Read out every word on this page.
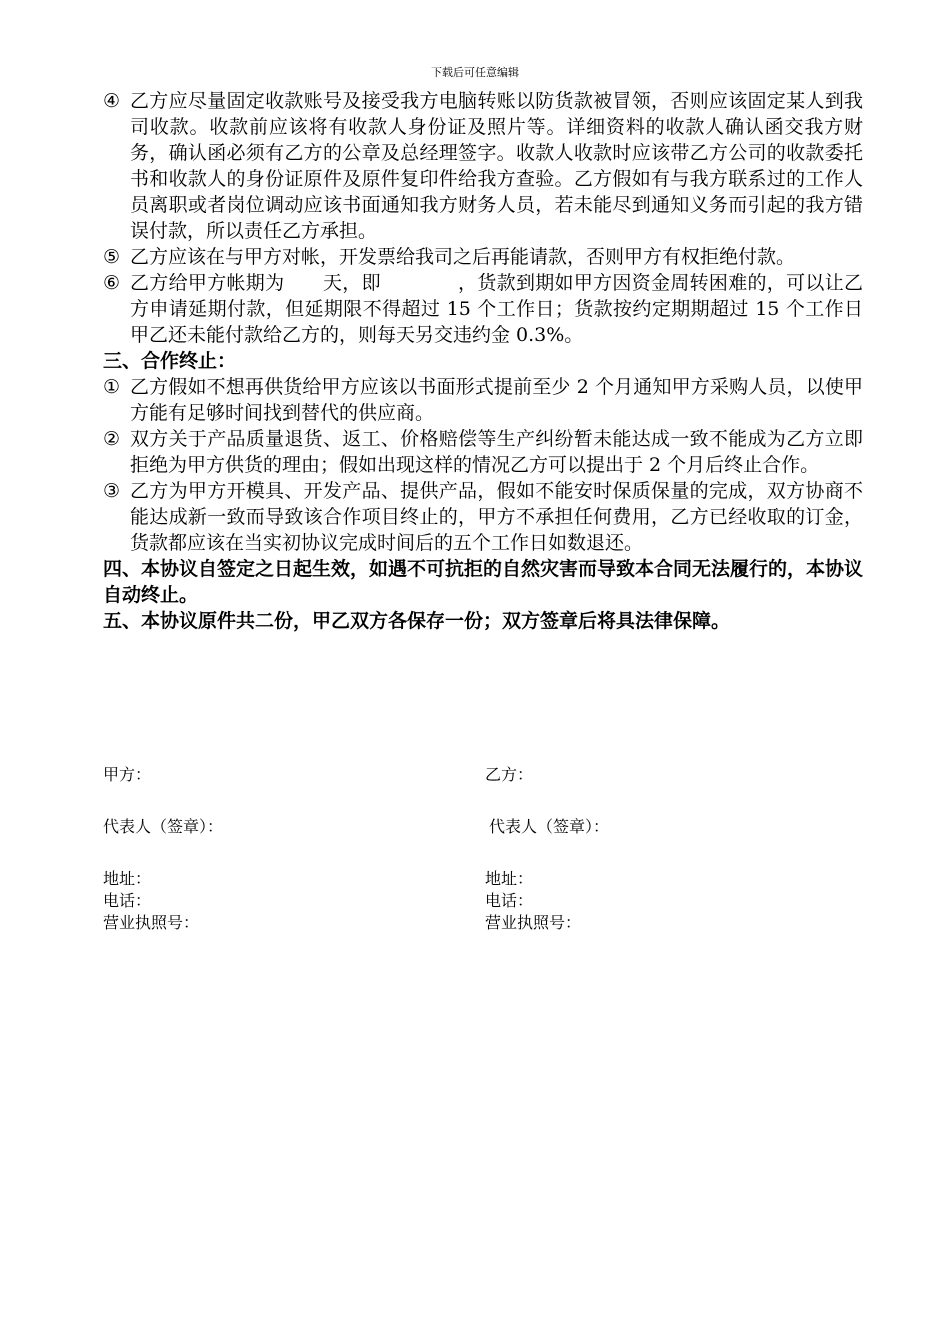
下载后可任意编辑
④ 乙方应尽量固定收款账号及接受我方电脑转账以防货款被冒领，否则应该固定某人到我司收款。收款前应该将有收款人身份证及照片等。详细资料的收款人确认函交我方财务，确认函必须有乙方的公章及总经理签字。收款人收款时应该带乙方公司的收款委托书和收款人的身份证原件及原件复印件给我方查验。乙方假如有与我方联系过的工作人员离职或者岗位调动应该书面通知我方财务人员，若未能尽到通知义务而引起的我方错误付款，所以责任乙方承担。
⑤ 乙方应该在与甲方对帐，开发票给我司之后再能请款，否则甲方有权拒绝付款。
⑥ 乙方给甲方帐期为　　天，即　　　　，货款到期如甲方因资金周转困难的，可以让乙方申请延期付款，但延期限不得超过 15 个工作日；货款按约定期期超过 15 个工作日甲乙还未能付款给乙方的，则每天另交违约金 0.3%。
三、合作终止：
① 乙方假如不想再供货给甲方应该以书面形式提前至少 2 个月通知甲方采购人员，以使甲方能有足够时间找到替代的供应商。
② 双方关于产品质量退货、返工、价格赔偿等生产纠纷暂未能达成一致不能成为乙方立即拒绝为甲方供货的理由；假如出现这样的情况乙方可以提出于 2 个月后终止合作。
③ 乙方为甲方开模具、开发产品、提供产品，假如不能安时保质保量的完成，双方协商不能达成新一致而导致该合作项目终止的，甲方不承担任何费用，乙方已经收取的订金，货款都应该在当实初协议完成时间后的五个工作日如数退还。
四、本协议自签定之日起生效，如遇不可抗拒的自然灾害而导致本合同无法履行的，本协议自动终止。
五、本协议原件共二份，甲乙双方各保存一份；双方签章后将具法律保障。
甲方：	乙方：
代表人（签章）：	代表人（签章）：
地址：	地址：
电话：	电话：
营业执照号：	营业执照号：
